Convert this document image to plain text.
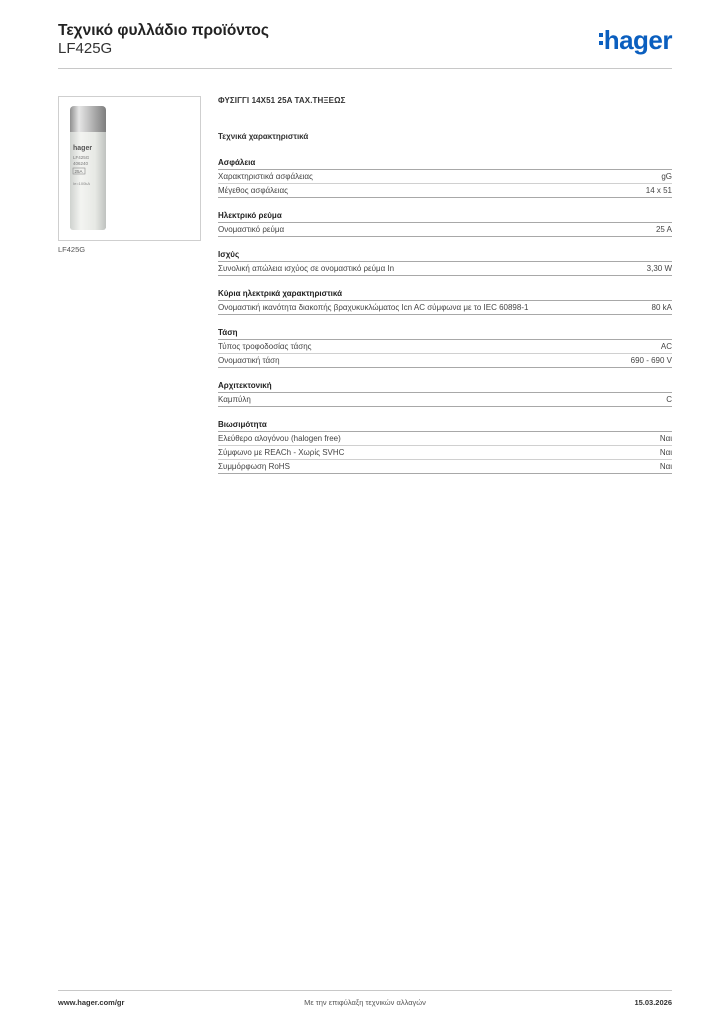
Τεχνικό φυλλάδιο προϊόντος
LF425G	hager
hager
LF425G
406240
25A
Ie=100kA
LF425G
ΦΥΣΙΓΓΙ 14X51 25A ΤΑΧ.ΤΗΞΕΩΣ
Τεχνικά χαρακτηριστικά
Ασφάλεια
Χαρακτηριστικά ασφάλειας	gG
Μέγεθος ασφάλειας	14 x 51
Ηλεκτρικό ρεύμα
Ονομαστικό ρεύμα	25 A
Ισχύς
Συνολική απώλεια ισχύος σε ονομαστικό ρεύμα In	3,30 W
Κύρια ηλεκτρικά χαρακτηριστικά
Ονομαστική ικανότητα διακοπής βραχυκυκλώματος Icn AC σύμφωνα με το IEC 60898-1	80 kA
Τάση
Τύπος τροφοδοσίας τάσης	AC
Ονομαστική τάση	690 - 690 V
Αρχιτεκτονική
Καμπύλη	C
Βιωσιμότητα
Ελεύθερο αλογόνου (halogen free)	Ναι
Σύμφωνο με REACh - Χωρίς SVHC	Ναι
Συμμόρφωση RoHS	Ναι
www.hager.com/gr	Με την επιφύλαξη τεχνικών αλλαγών	15.03.2026
